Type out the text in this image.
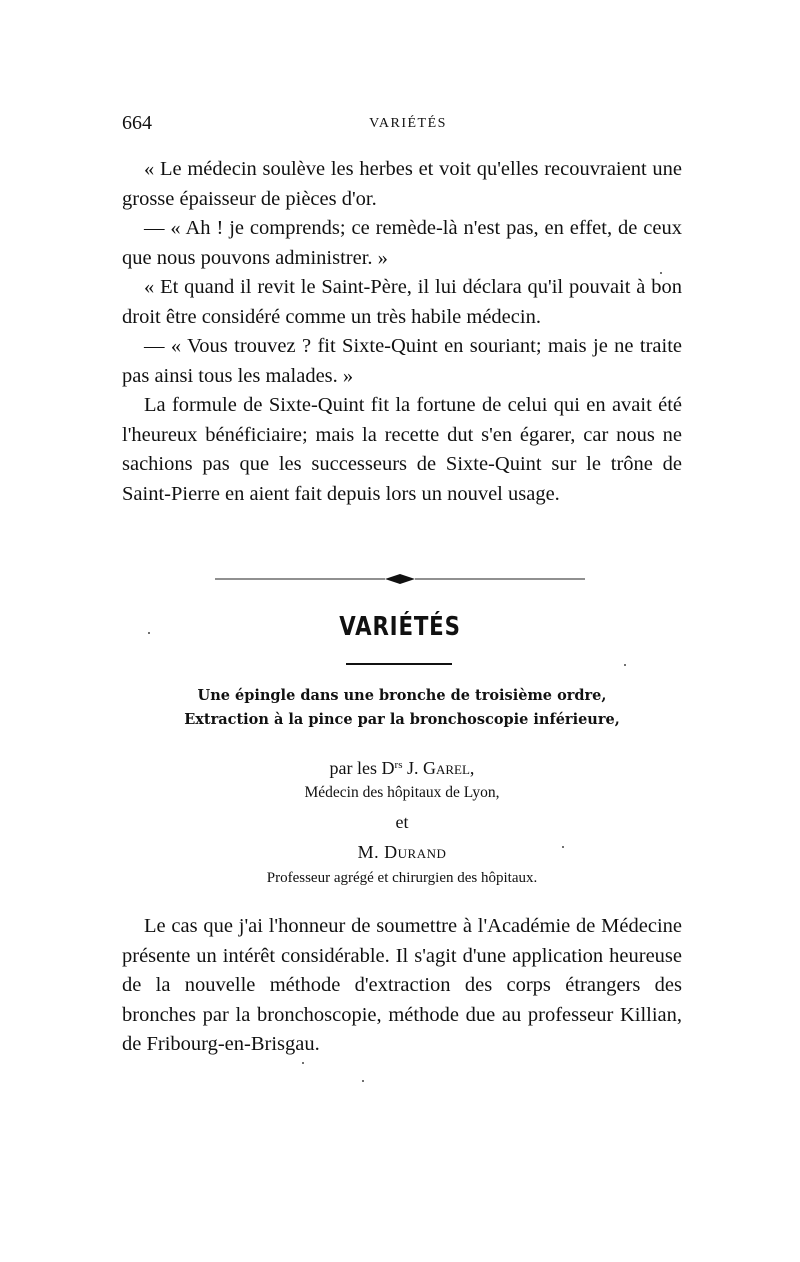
664	VARIÉTÉS

« Le médecin soulève les herbes et voit qu'elles recouvraient une grosse épaisseur de pièces d'or.

— « Ah ! je comprends; ce remède-là n'est pas, en effet, de ceux que nous pouvons administrer. »

« Et quand il revit le Saint-Père, il lui déclara qu'il pouvait à bon droit être considéré comme un très habile médecin.

— « Vous trouvez ? fit Sixte-Quint en souriant; mais je ne traite pas ainsi tous les malades. »

La formule de Sixte-Quint fit la fortune de celui qui en avait été l'heureux bénéficiaire; mais la recette dut s'en égarer, car nous ne sachions pas que les successeurs de Sixte-Quint sur le trône de Saint-Pierre en aient fait depuis lors un nouvel usage.

VARIÉTÉS
Une épingle dans une bronche de troisième ordre,
Extraction à la pince par la bronchoscopie inférieure,
par les $D^{rs}$ J. Garel,
Médecin des hôpitaux de Lyon,
et
M. Durand
Professeur agrégé et chirurgien des hôpitaux.

Le cas que j'ai l'honneur de soumettre à l'Académie de Médecine présente un intérêt considérable. Il s'agit d'une application heureuse de la nouvelle méthode d'extraction des corps étrangers des bronches par la bronchoscopie, méthode due au professeur Killian, de Fribourg-en-Brisgau.
